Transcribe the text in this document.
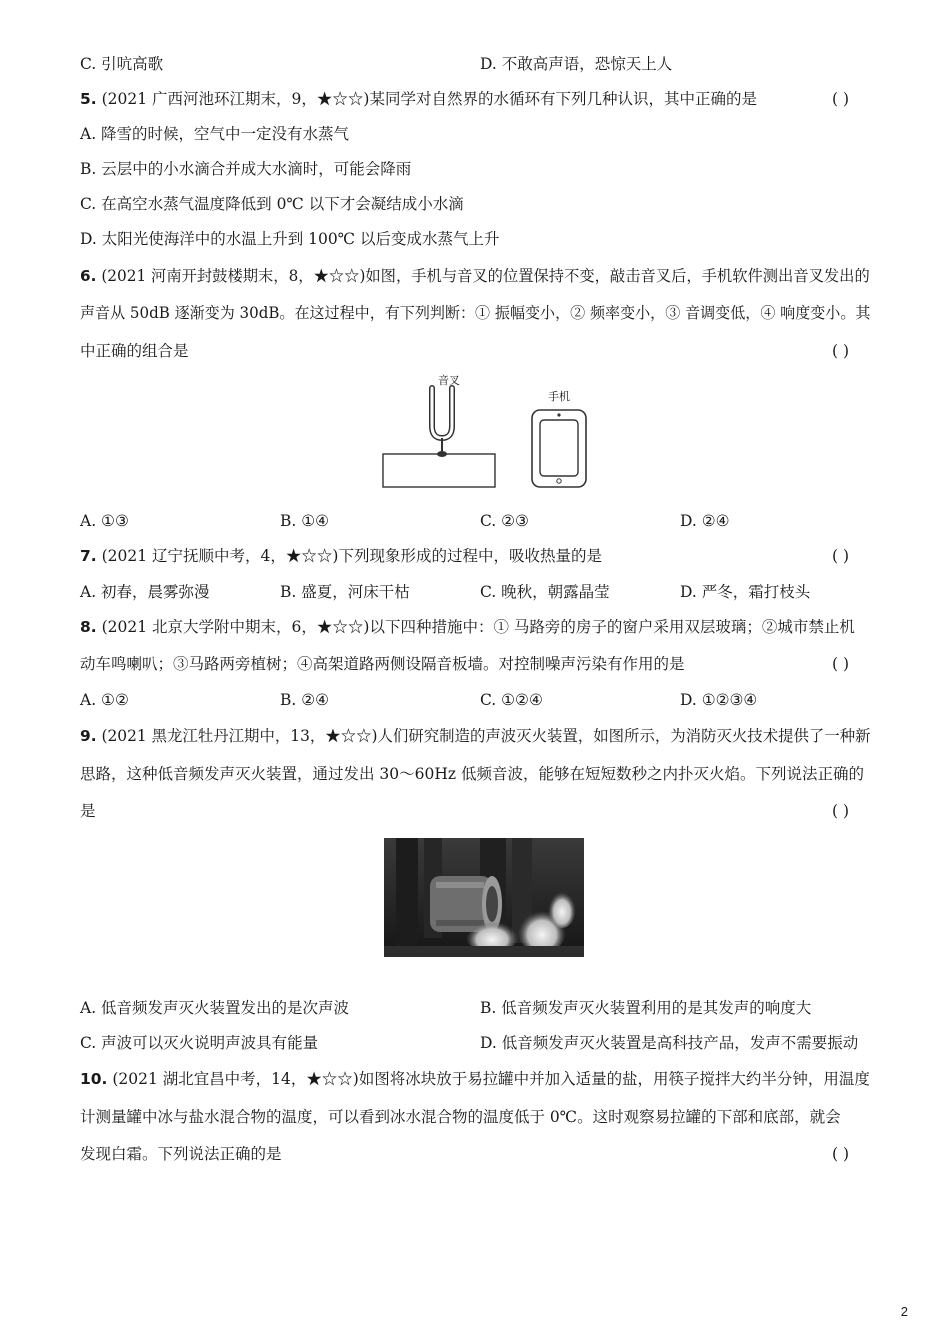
C. 引吭高歌	D. 不敢高声语，恐惊天上人
5. (2021 广西河池环江期末，9，★☆☆)某同学对自然界的水循环有下列几种认识，其中正确的是	( )
A. 降雪的时候，空气中一定没有水蒸气
B. 云层中的小水滴合并成大水滴时，可能会降雨
C. 在高空水蒸气温度降低到 0℃ 以下才会凝结成小水滴
D. 太阳光使海洋中的水温上升到 100℃ 以后变成水蒸气上升
6. (2021 河南开封鼓楼期末，8，★☆☆)如图，手机与音叉的位置保持不变，敲击音叉后，手机软件测出音叉发出的
声音从 50dB 逐渐变为 30dB。在这过程中，有下列判断：① 振幅变小，② 频率变小，③ 音调变低，④ 响度变小。其
中正确的组合是	( )
音叉
手机
A. ①③	B. ①④	C. ②③	D. ②④
7. (2021 辽宁抚顺中考，4，★☆☆)下列现象形成的过程中，吸收热量的是	( )
A. 初春，晨雾弥漫	B. 盛夏，河床干枯	C. 晚秋，朝露晶莹	D. 严冬，霜打枝头
8. (2021 北京大学附中期末，6，★☆☆)以下四种措施中：① 马路旁的房子的窗户采用双层玻璃；②城市禁止机
动车鸣喇叭；③马路两旁植树；④高架道路两侧设隔音板墙。对控制噪声污染有作用的是	( )
A. ①②	B. ②④	C. ①②④	D. ①②③④
9. (2021 黑龙江牡丹江期中，13，★☆☆)人们研究制造的声波灭火装置，如图所示，为消防灭火技术提供了一种新
思路，这种低音频发声灭火装置，通过发出 30～60Hz 低频音波，能够在短短数秒之内扑灭火焰。下列说法正确的
是	( )
A. 低音频发声灭火装置发出的是次声波	B. 低音频发声灭火装置利用的是其发声的响度大
C. 声波可以灭火说明声波具有能量	D. 低音频发声灭火装置是高科技产品，发声不需要振动
10. (2021 湖北宜昌中考，14，★☆☆)如图将冰块放于易拉罐中并加入适量的盐，用筷子搅拌大约半分钟，用温度
计测量罐中冰与盐水混合物的温度，可以看到冰水混合物的温度低于 0℃。这时观察易拉罐的下部和底部，就会
发现白霜。下列说法正确的是	( )
2
